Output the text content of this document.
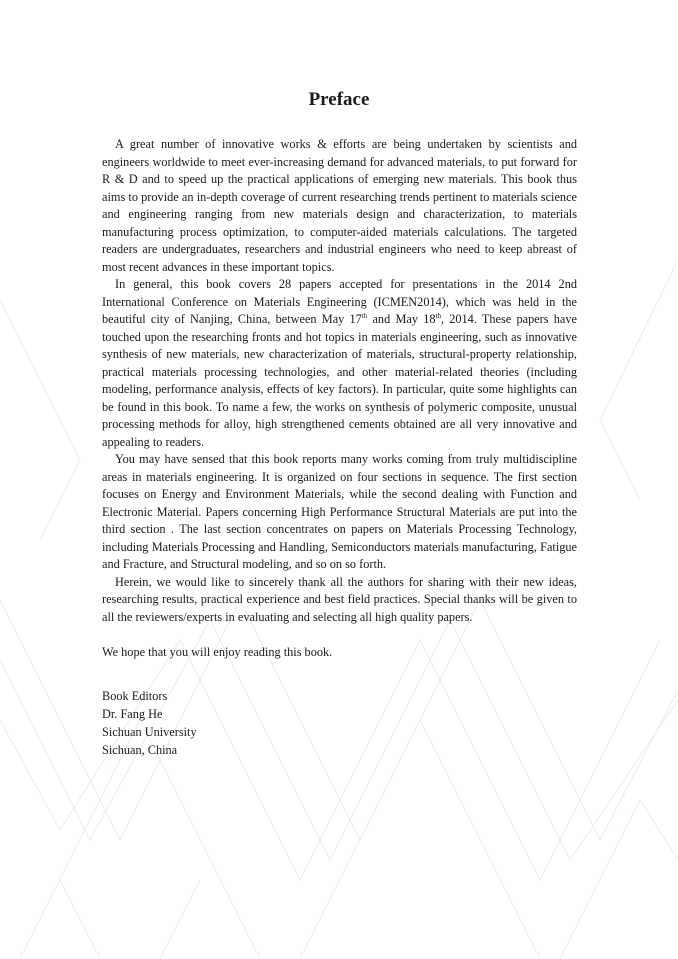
Preface

A great number of innovative works & efforts are being undertaken by scientists and engineers worldwide to meet ever-increasing demand for advanced materials, to put forward for R & D and to speed up the practical applications of emerging new materials. This book thus aims to provide an in-depth coverage of current researching trends pertinent to materials science and engineering ranging from new materials design and characterization, to materials manufacturing process optimization, to computer-aided materials calculations. The targeted readers are undergraduates, researchers and industrial engineers who need to keep abreast of most recent advances in these important topics.

In general, this book covers 28 papers accepted for presentations in the 2014 2nd International Conference on Materials Engineering (ICMEN2014), which was held in the beautiful city of Nanjing, China, between May 17th and May 18th, 2014. These papers have touched upon the researching fronts and hot topics in materials engineering, such as innovative synthesis of new materials, new characterization of materials, structural-property relationship, practical materials processing technologies, and other material-related theories (including modeling, performance analysis, effects of key factors). In particular, quite some highlights can be found in this book. To name a few, the works on synthesis of polymeric composite, unusual processing methods for alloy, high strengthened cements obtained are all very innovative and appealing to readers.

You may have sensed that this book reports many works coming from truly multidiscipline areas in materials engineering. It is organized on four sections in sequence. The first section focuses on Energy and Environment Materials, while the second dealing with Function and Electronic Material. Papers concerning High Performance Structural Materials are put into the third section . The last section concentrates on papers on Materials Processing Technology, including Materials Processing and Handling, Semiconductors materials manufacturing, Fatigue and Fracture, and Structural modeling, and so on so forth.

Herein, we would like to sincerely thank all the authors for sharing with their new ideas, researching results, practical experience and best field practices. Special thanks will be given to all the reviewers/experts in evaluating and selecting all high quality papers.

We hope that you will enjoy reading this book.

Book Editors
Dr. Fang He
Sichuan University
Sichuan, China
